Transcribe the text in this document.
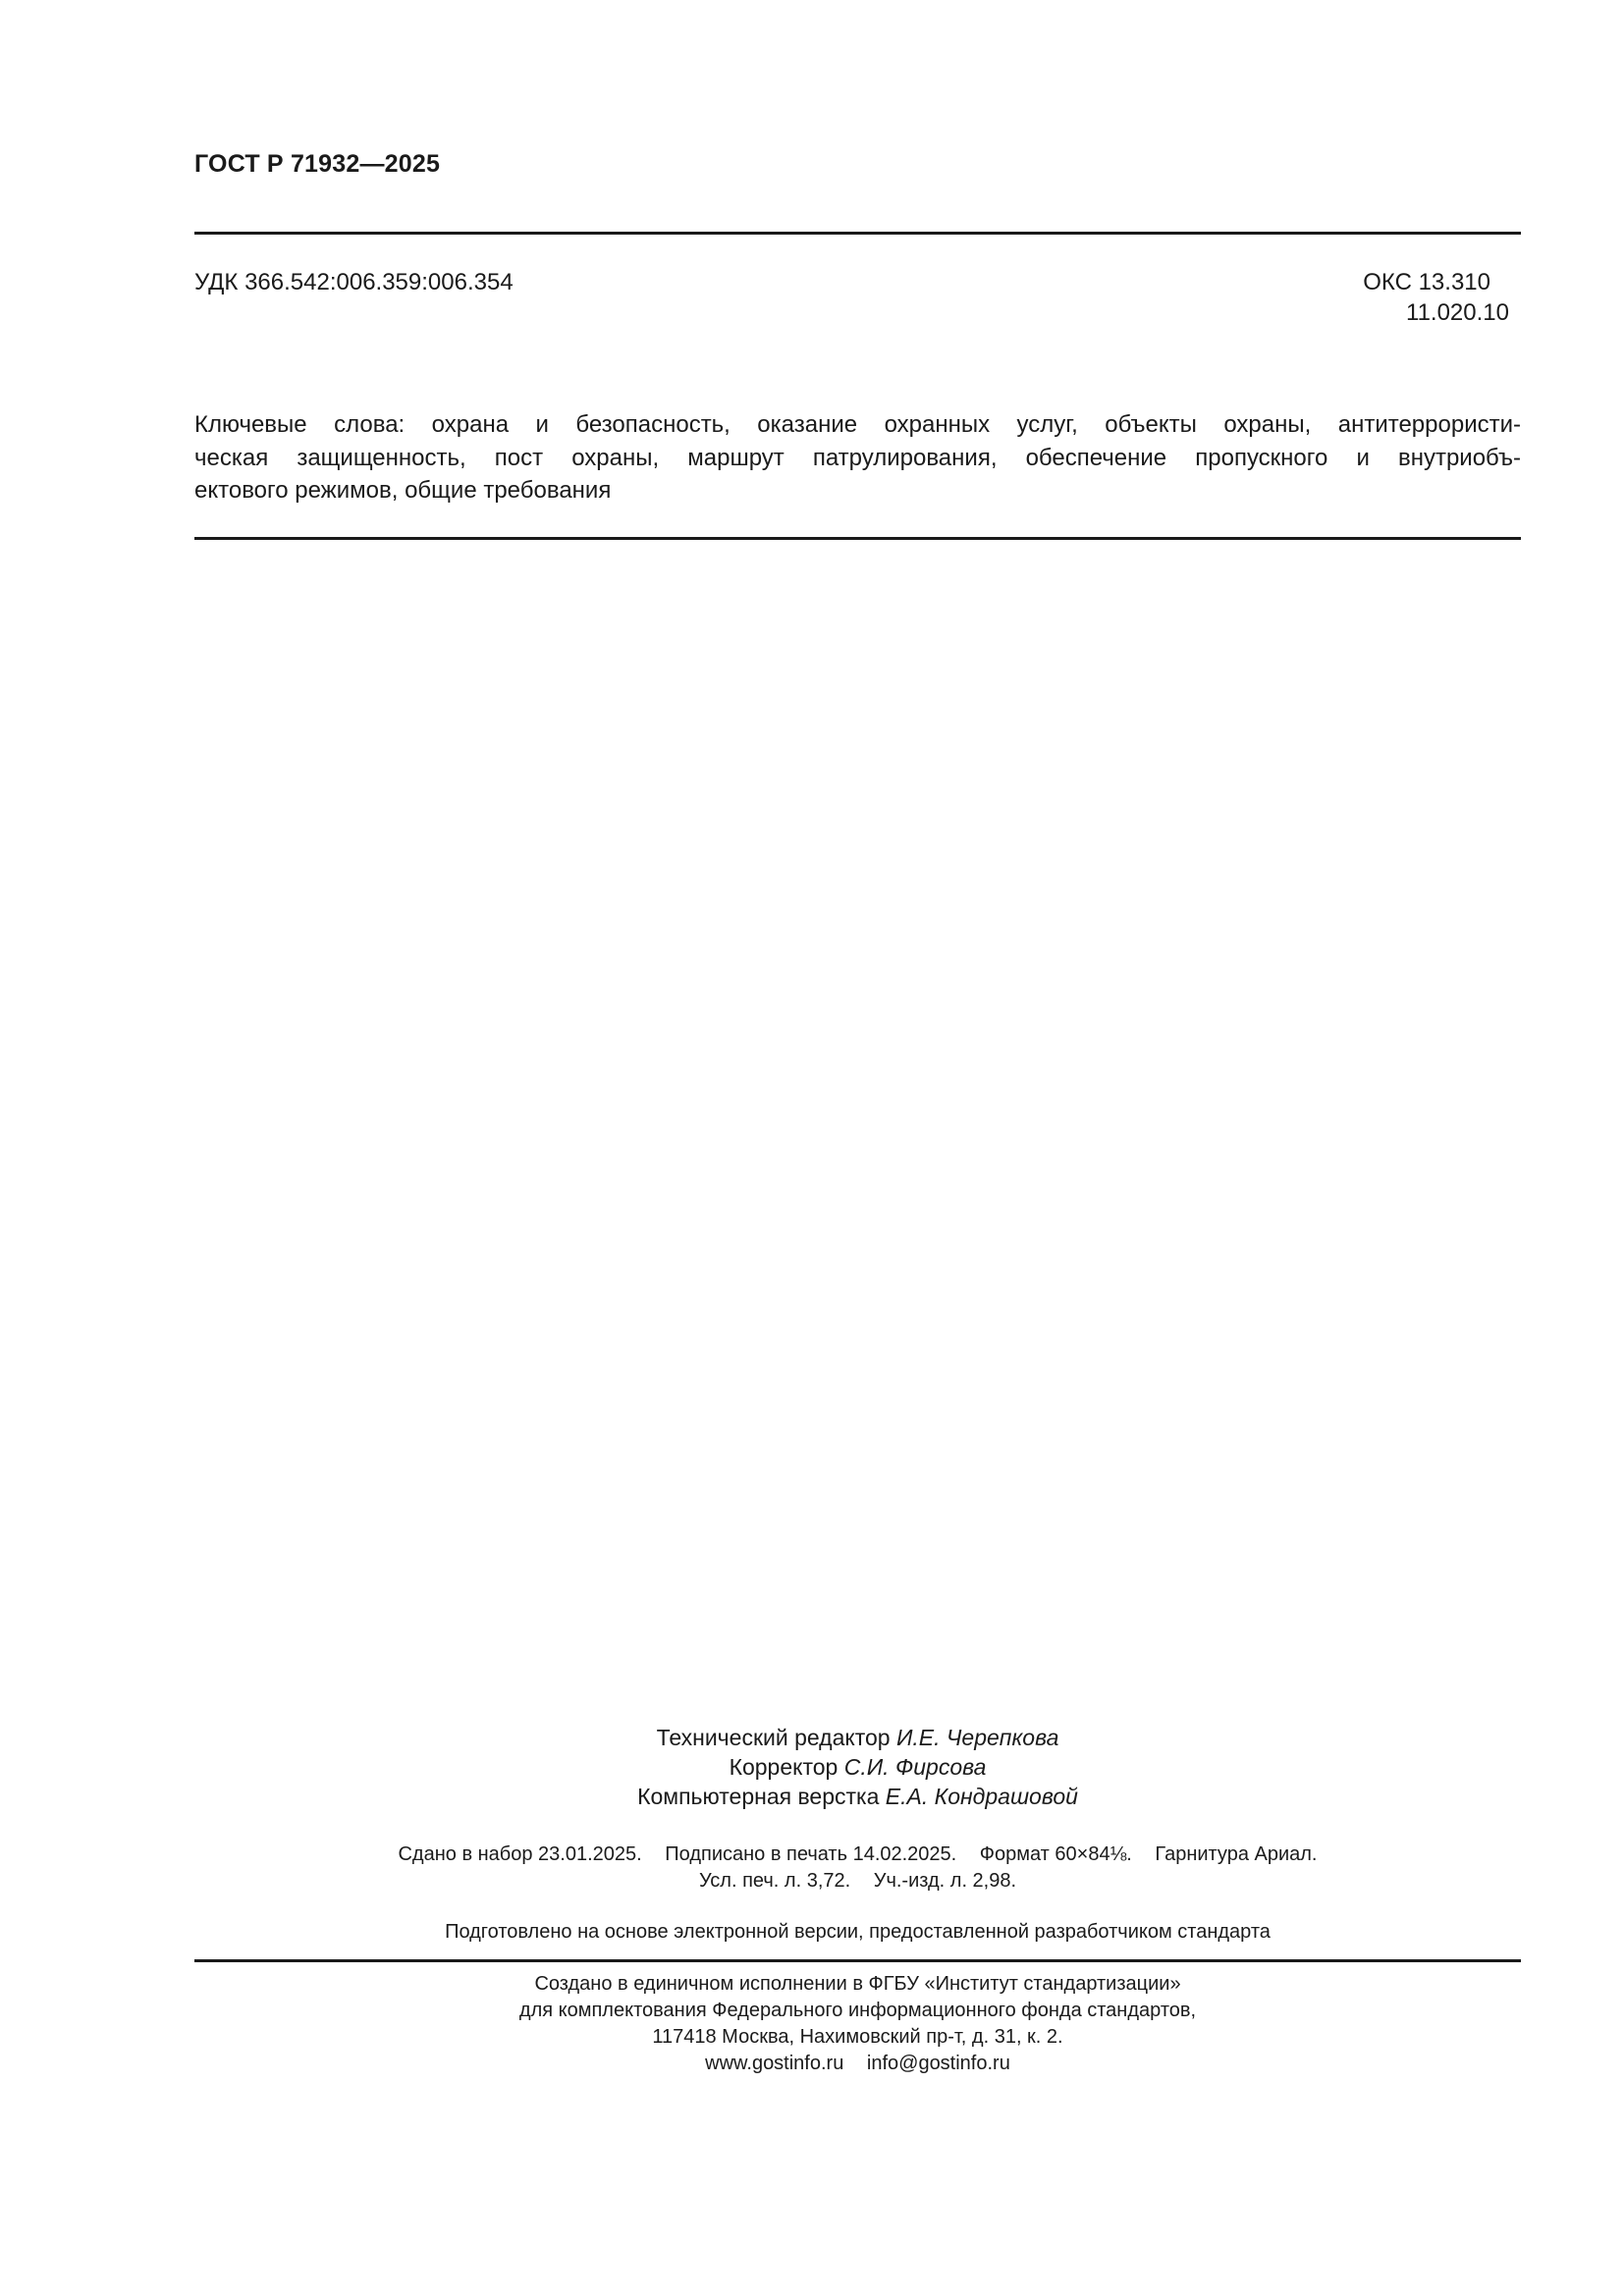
ГОСТ Р 71932—2025
УДК 366.542:006.359:006.354	ОКС 13.310
11.020.10
Ключевые слова: охрана и безопасность, оказание охранных услуг, объекты охраны, антитеррористи-
ческая защищенность, пост охраны, маршрут патрулирования, обеспечение пропускного и внутриобъ-
ектового режимов, общие требования
Технический редактор И.Е. Черепкова
Корректор С.И. Фирсова
Компьютерная верстка Е.А. Кондрашовой
Сдано в набор 23.01.2025. Подписано в печать 14.02.2025. Формат 60×84⅛. Гарнитура Ариал.
Усл. печ. л. 3,72. Уч.-изд. л. 2,98.
Подготовлено на основе электронной версии, предоставленной разработчиком стандарта
Создано в единичном исполнении в ФГБУ «Институт стандартизации»
для комплектования Федерального информационного фонда стандартов,
117418 Москва, Нахимовский пр-т, д. 31, к. 2.
www.gostinfo.ru info@gostinfo.ru
